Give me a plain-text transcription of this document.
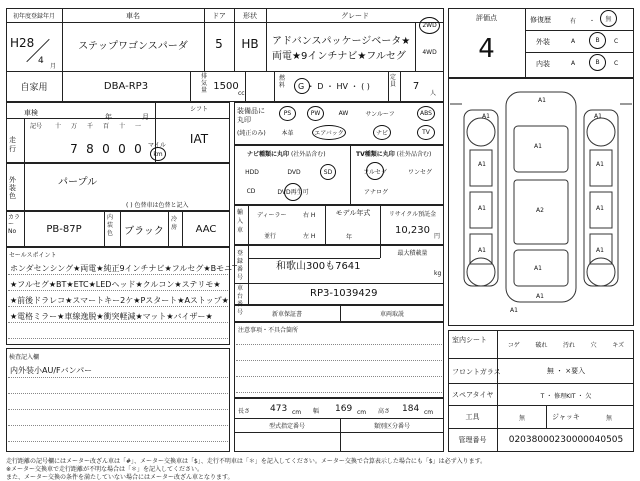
初年度登録年月	車名	ドア	形状	グレード
H28
4
月
ステップワゴンスパーダ	5	HB	アドバンスパッケージベータ★
両電★9インチナビ★フルセグ
2WD
4WD
自家用	DBA-RP3
排気量 1500
cc
燃料 G ・ D ・ HV ・ ( )
定員	7
人
シフト
車検	年	月
走行
記号	十	万	千	百	十	一
7 8 0 0 0	マイル
km
IAT
外装色
パープル
( ) 色替車は色替と記入
カラーNo	PB-87P
内装色	ブラック
冷房	AAC
セールスポイント
ホンダセンシング★両電★純正9インチナビ★フルセグ★BモニT
★フルセグ★BT★ETC★LEDヘッド★クルコン★ステリモ★
★前後ドラレコ★スマートキー2ケ★Pスタート★Aストップ★
★電格ミラー★車線逸脱★衝突軽減★マット★バイザー★
検査記入欄
内外装小AU/Fバンパー
装備品に丸印
(純正のみ)
PS	PW	AW	サンルーフ	ABS
本革	エアバック	ナビ	TV
ナビ種類に丸印 (社外品含む)	TV種類に丸印 (社外品含む)
HDD	DVD	SD
CD	DVD再生可
フルセグ	ワンセグ
アナログ
輸入車
ディーラー
並行
右 H
左 H
モデル年式
年
リサイクル預託金
10,230
円
登録番号
最大積載量
kg
和歌山300も7641
車台番号
RP3-1039429
新車保証書	車両取説
注意事項・不具合箇所
長さ 473 cm 幅 169 cm 高さ 184 cm
型式指定番号	類別区分番号
評価点
4
修復歴	有 ・	無
外装	A	B	C
内装	A	B	C
A1
A1	A1
A1
A1	A1
A2
A1	A1
A1
A1	A1
A1
A1
室内シート
コゲ	破れ	汚れ	穴	キズ
フロントガラス	無 ・ ×要入
スペアタイヤ	T ・ 修理KIT ・ 欠
工具	無	ジャッキ	無
管理番号	02038000230000040505
走行距離の記号欄にはメーター改ざん車は「#」、メーター交換車は「$」、走行不明車は「＊」を記入してください。メーター交換で合算表示した場合にも「$」は必ず入ります。
※メーター交換車で走行距離が不明な場合は「＊」を記入してください。
また、メーター交換の条件を満たしていない場合にはメーター改ざん車となります。
